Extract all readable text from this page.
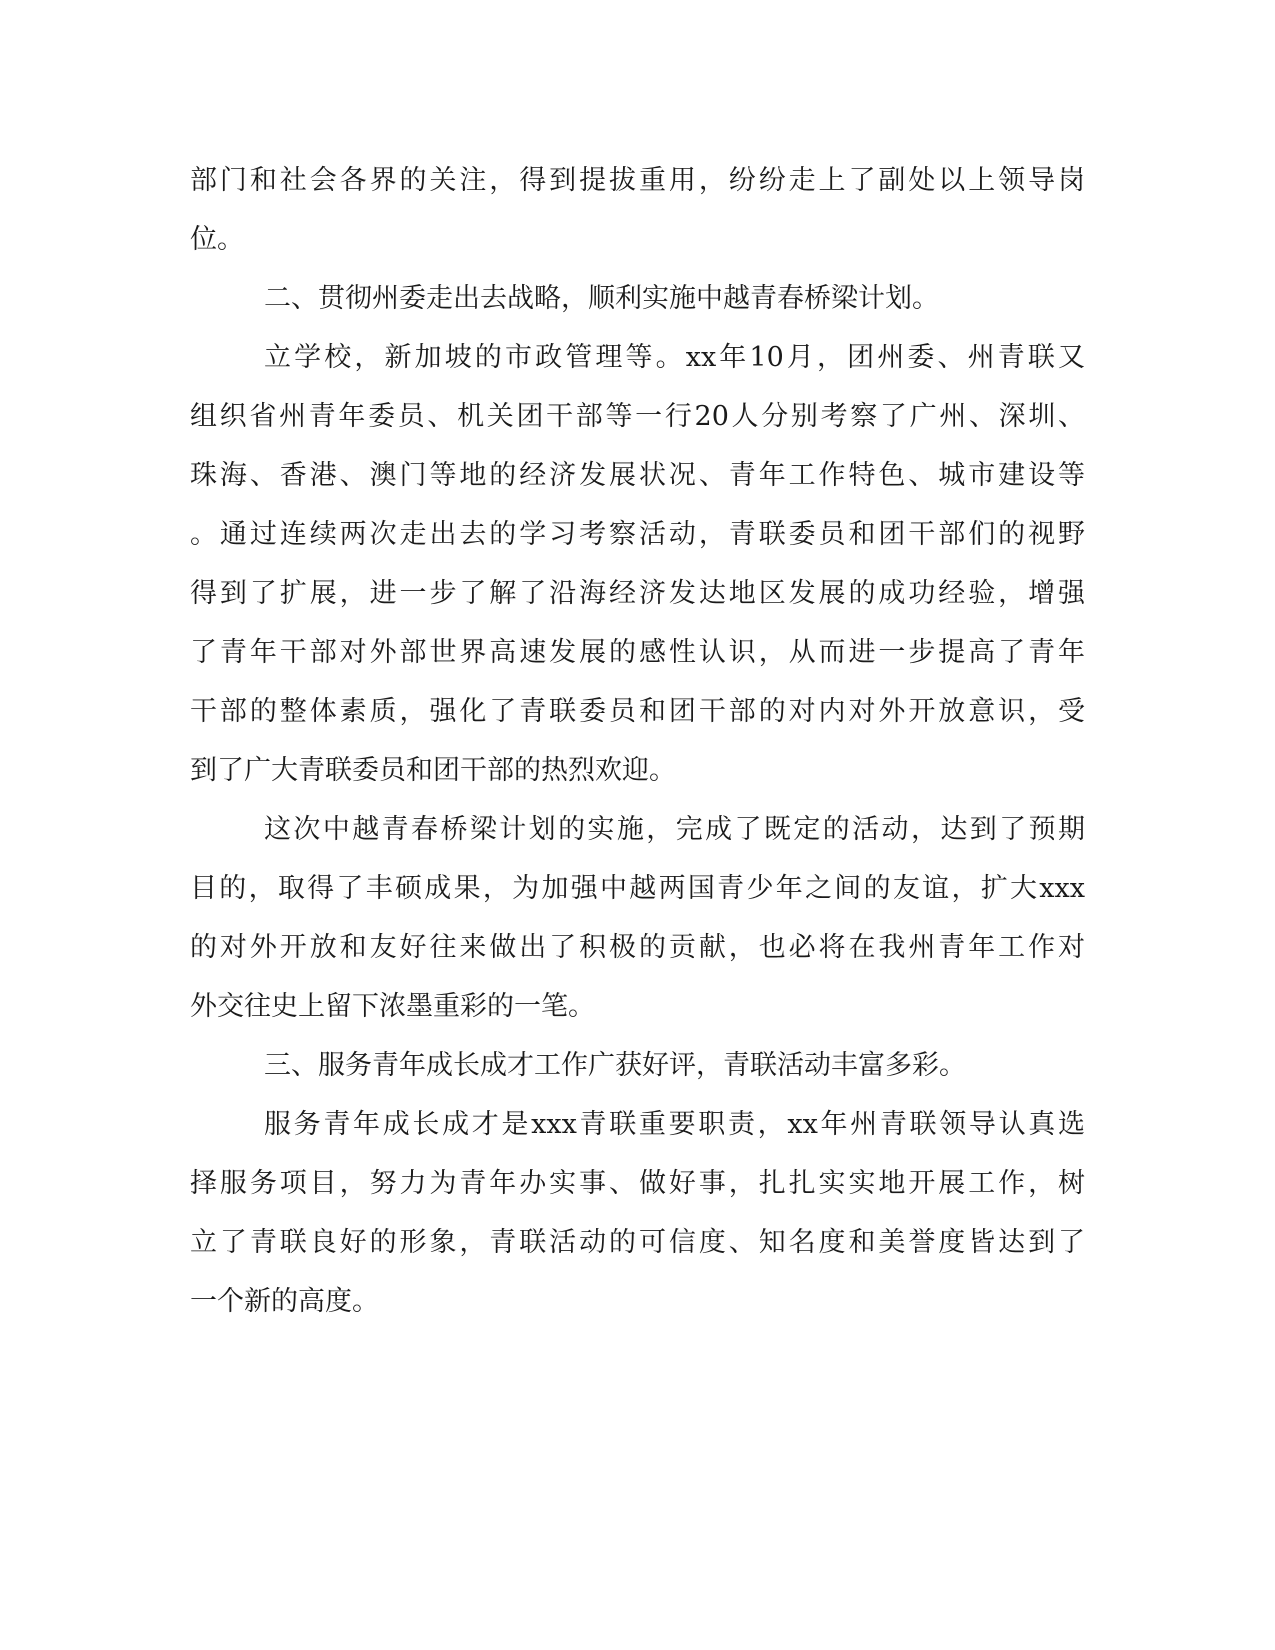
部门和社会各界的关注，得到提拔重用，纷纷走上了副处以上领导岗
位。
二、贯彻州委走出去战略，顺利实施中越青春桥梁计划。
立学校，新加坡的市政管理等。xx年10月，团州委、州青联又
组织省州青年委员、机关团干部等一行20人分别考察了广州、深圳、
珠海、香港、澳门等地的经济发展状况、青年工作特色、城市建设等
。通过连续两次走出去的学习考察活动，青联委员和团干部们的视野
得到了扩展，进一步了解了沿海经济发达地区发展的成功经验，增强
了青年干部对外部世界高速发展的感性认识，从而进一步提高了青年
干部的整体素质，强化了青联委员和团干部的对内对外开放意识，受
到了广大青联委员和团干部的热烈欢迎。
这次中越青春桥梁计划的实施，完成了既定的活动，达到了预期
目的，取得了丰硕成果，为加强中越两国青少年之间的友谊，扩大xxx
的对外开放和友好往来做出了积极的贡献，也必将在我州青年工作对
外交往史上留下浓墨重彩的一笔。
三、服务青年成长成才工作广获好评，青联活动丰富多彩。
服务青年成长成才是xxx青联重要职责，xx年州青联领导认真选
择服务项目，努力为青年办实事、做好事，扎扎实实地开展工作，树
立了青联良好的形象，青联活动的可信度、知名度和美誉度皆达到了
一个新的高度。
